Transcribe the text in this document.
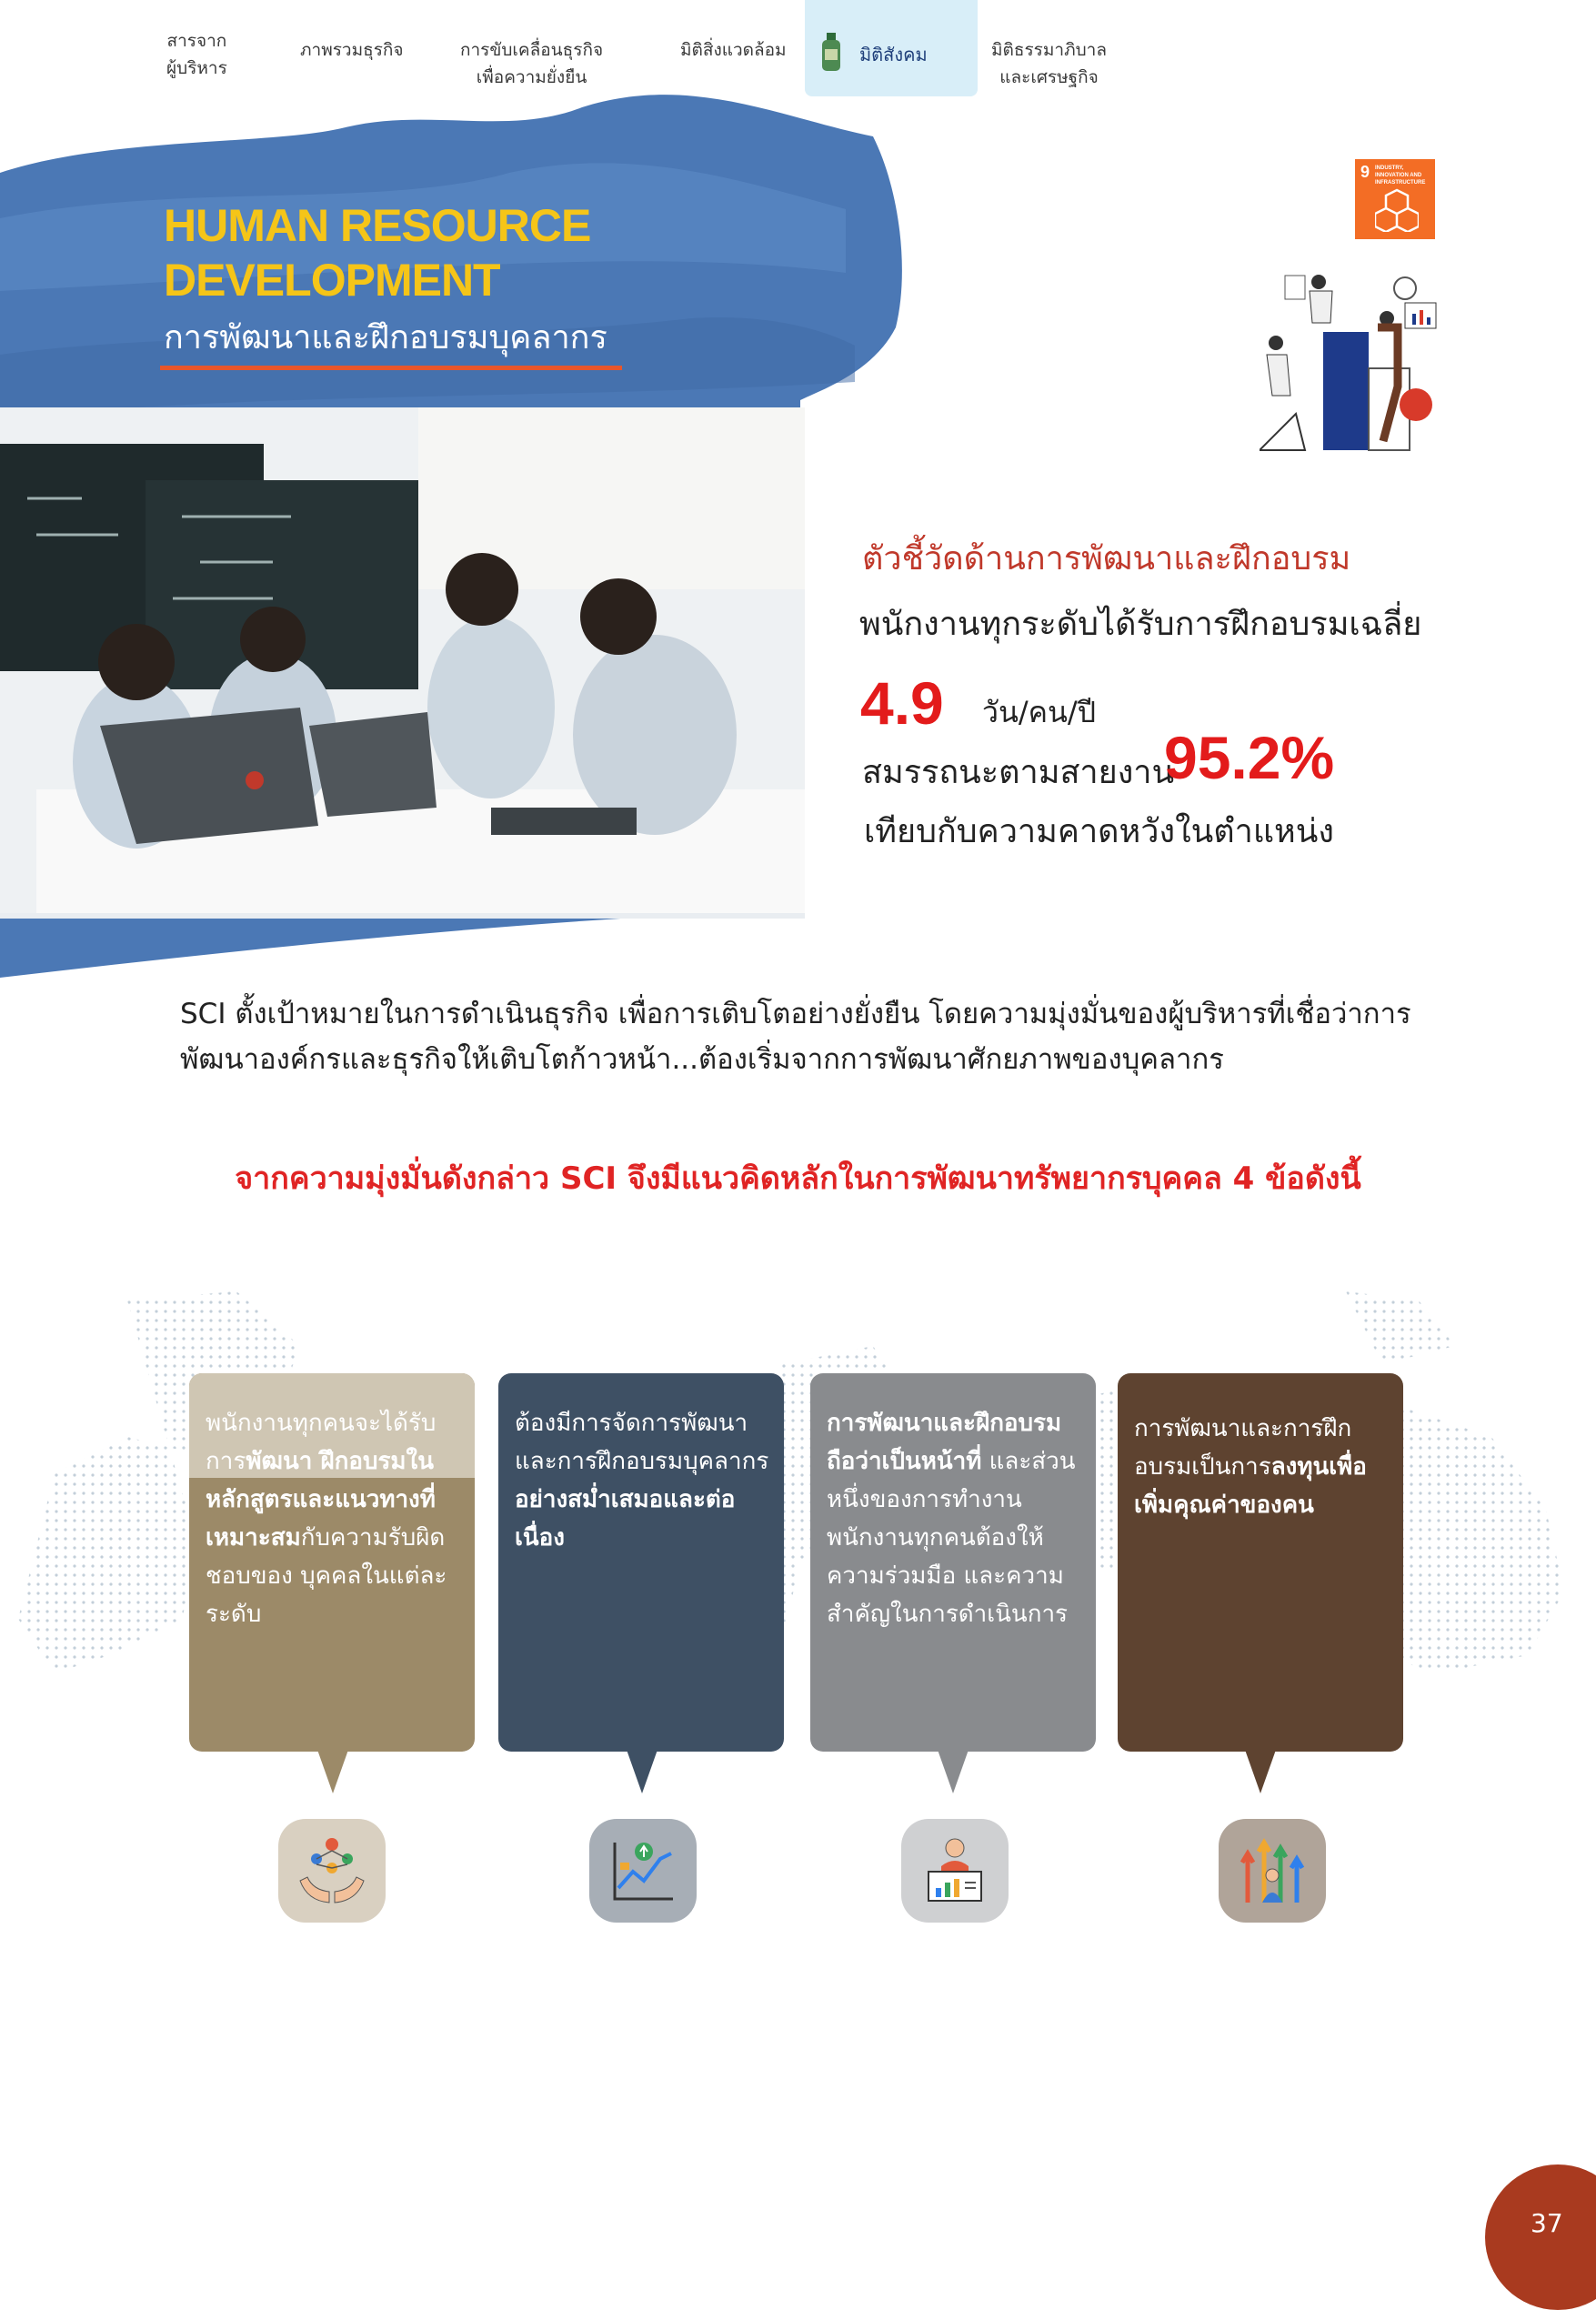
สารจาก
ผู้บริหาร
ภาพรวมธุรกิจ	การขับเคลื่อนธุรกิจ
เพื่อความยั่งยืน
มิติสิ่งแวดล้อม	มิติสังคม	มิติธรรมาภิบาล
และเศรษฐกิจ
HUMAN RESOURCE
DEVELOPMENT
การพัฒนาและฝึกอบรมบุคลากร
9 INDUSTRY, INNOVATION AND INFRASTRUCTURE
ตัวชี้วัดด้านการพัฒนาและฝึกอบรม
พนักงานทุกระดับได้รับการฝึกอบรมเฉลี่ย
4.9 วัน/คน/ปี
สมรรถนะตามสายงาน
95.2%
เทียบกับความคาดหวังในตำแหน่ง
SCI ตั้งเป้าหมายในการดำเนินธุรกิจ เพื่อการเติบโตอย่างยั่งยืน โดยความมุ่งมั่นของผู้บริหารที่เชื่อว่าการ
พัฒนาองค์กรและธุรกิจให้เติบโตก้าวหน้า...ต้องเริ่มจากการพัฒนาศักยภาพของบุคลากร
จากความมุ่งมั่นดังกล่าว SCI จึงมีแนวคิดหลักในการพัฒนาทรัพยากรบุคคล 4 ข้อดังนี้
พนักงานทุกคนจะได้รับการพัฒนา ฝึกอบรมในหลักสูตรและแนวทางที่เหมาะสมกับความรับผิดชอบของ บุคคลในแต่ละระดับ
ต้องมีการจัดการพัฒนาและการฝึกอบรมบุคลากรอย่างสม่ำเสมอและต่อเนื่อง
การพัฒนาและฝึกอบรมถือว่าเป็นหน้าที่ และส่วนหนึ่งของการทำงาน พนักงานทุกคนต้องให้ความร่วมมือ และความสำคัญในการดำเนินการ
การพัฒนาและการฝึกอบรมเป็นการลงทุนเพื่อเพิ่มคุณค่าของคน
37
